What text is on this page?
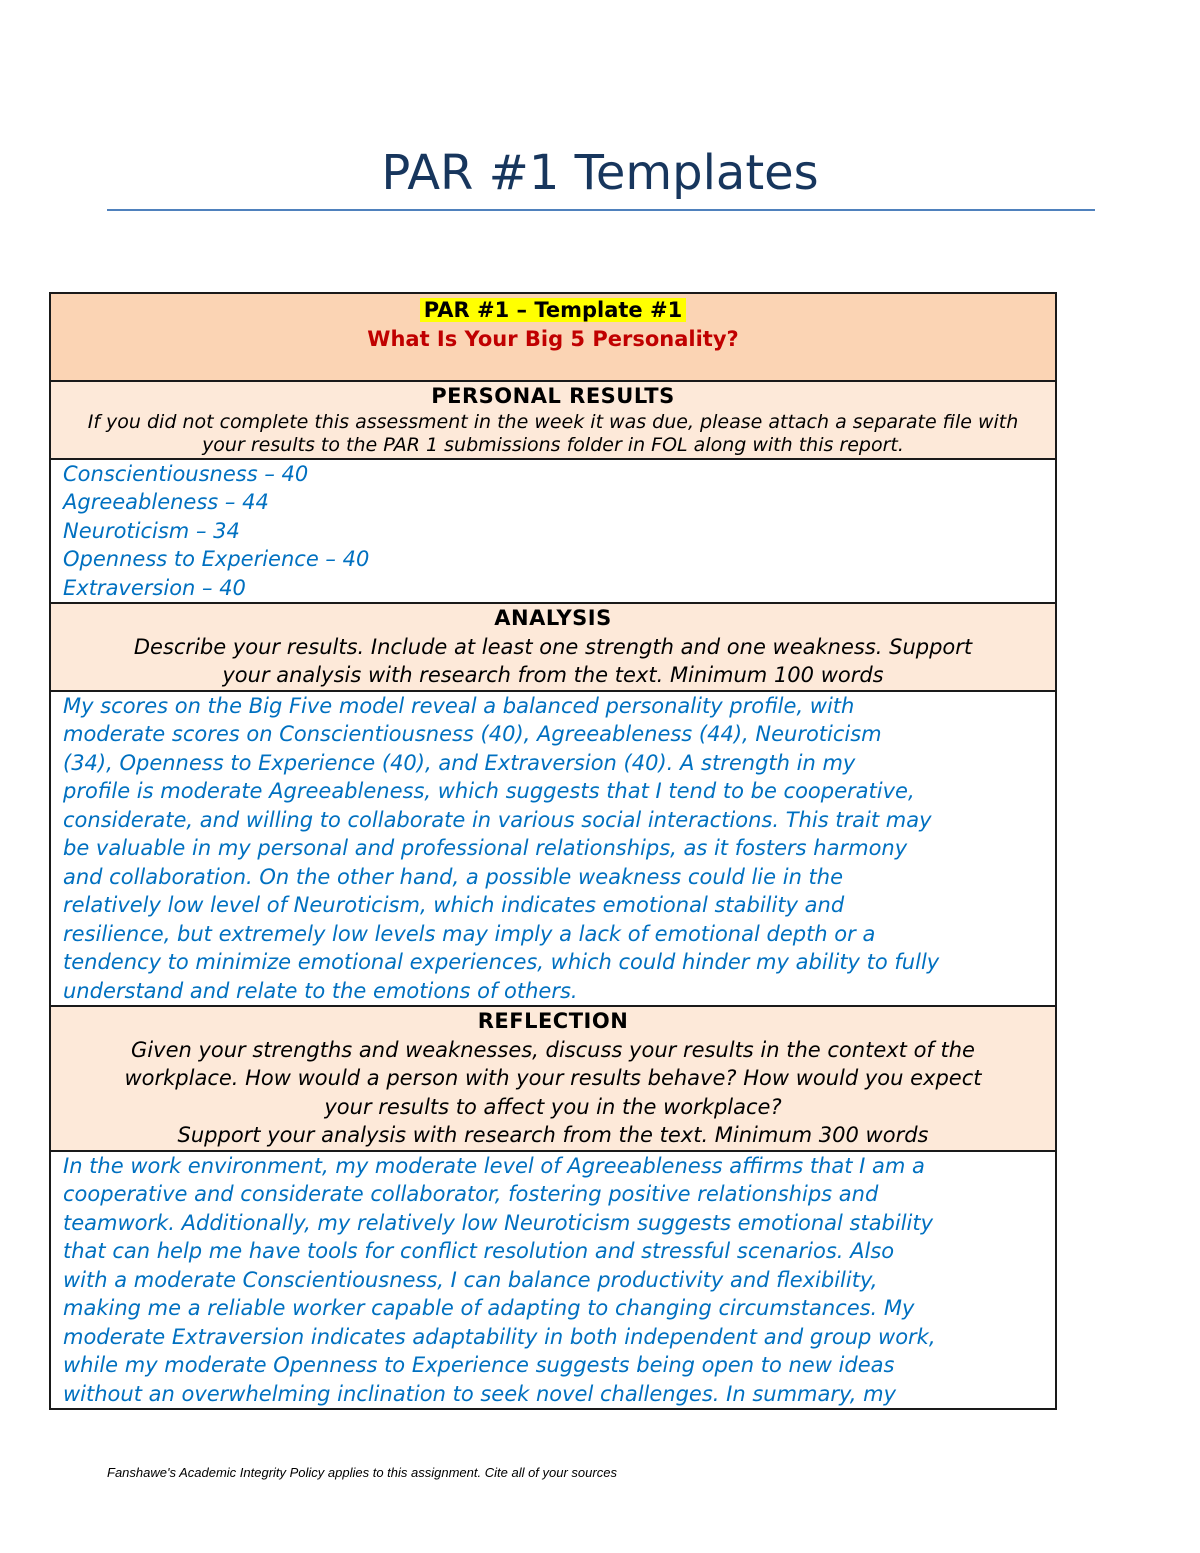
PAR #1 Templates
PAR #1 – Template #1
What Is Your Big 5 Personality?

PERSONAL RESULTS
If you did not complete this assessment in the week it was due, please attach a separate file with
your results to the PAR 1 submissions folder in FOL along with this report.

Conscientiousness – 40
Agreeableness – 44
Neuroticism – 34
Openness to Experience – 40
Extraversion – 40

ANALYSIS
Describe your results. Include at least one strength and one weakness. Support
your analysis with research from the text. Minimum 100 words

My scores on the Big Five model reveal a balanced personality profile, with
moderate scores on Conscientiousness (40), Agreeableness (44), Neuroticism
(34), Openness to Experience (40), and Extraversion (40). A strength in my
profile is moderate Agreeableness, which suggests that I tend to be cooperative,
considerate, and willing to collaborate in various social interactions. This trait may
be valuable in my personal and professional relationships, as it fosters harmony
and collaboration. On the other hand, a possible weakness could lie in the
relatively low level of Neuroticism, which indicates emotional stability and
resilience, but extremely low levels may imply a lack of emotional depth or a
tendency to minimize emotional experiences, which could hinder my ability to fully
understand and relate to the emotions of others.

REFLECTION
Given your strengths and weaknesses, discuss your results in the context of the
workplace. How would a person with your results behave? How would you expect
your results to affect you in the workplace?
Support your analysis with research from the text. Minimum 300 words

In the work environment, my moderate level of Agreeableness affirms that I am a
cooperative and considerate collaborator, fostering positive relationships and
teamwork. Additionally, my relatively low Neuroticism suggests emotional stability
that can help me have tools for conflict resolution and stressful scenarios. Also
with a moderate Conscientiousness, I can balance productivity and flexibility,
making me a reliable worker capable of adapting to changing circumstances. My
moderate Extraversion indicates adaptability in both independent and group work,
while my moderate Openness to Experience suggests being open to new ideas
without an overwhelming inclination to seek novel challenges. In summary, my
Fanshawe's Academic Integrity Policy applies to this assignment. Cite all of your sources
